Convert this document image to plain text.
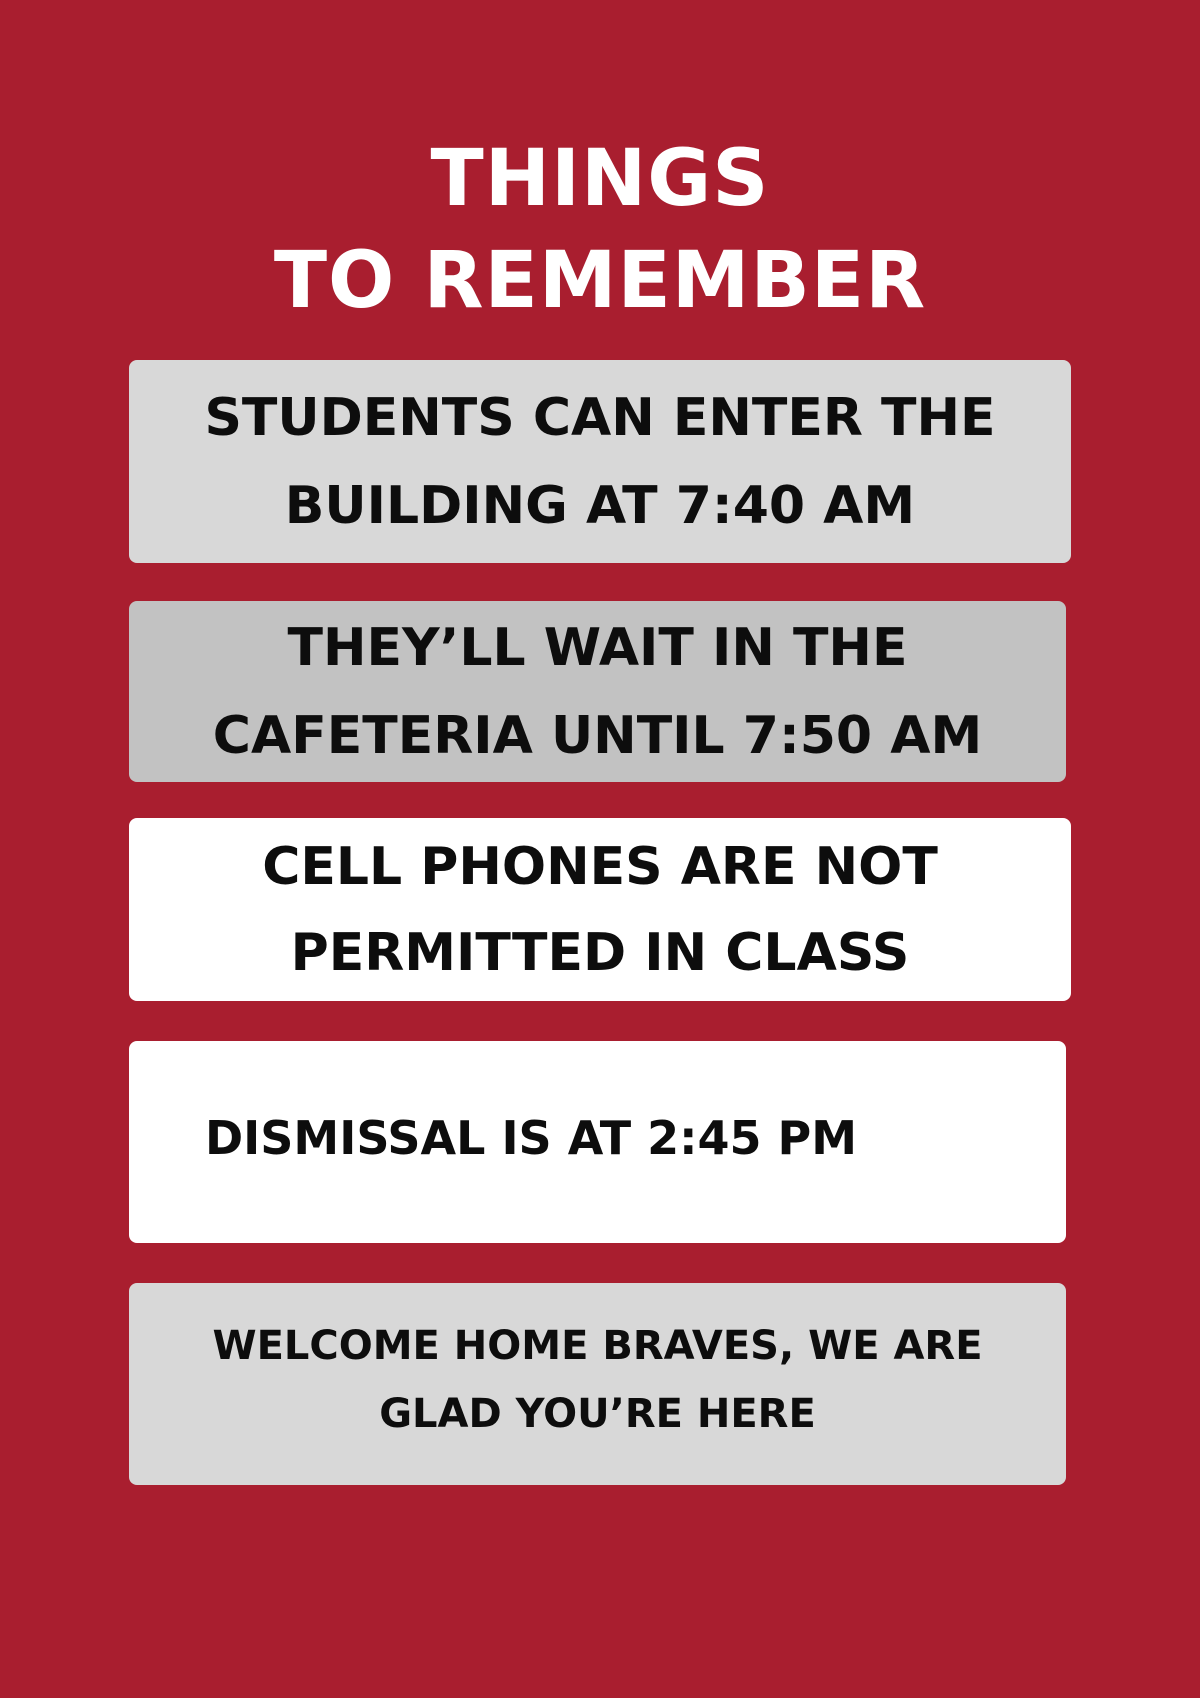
THINGS
TO REMEMBER
STUDENTS CAN ENTER THE
BUILDING AT 7:40 AM
THEY’LL WAIT IN THE
CAFETERIA UNTIL 7:50 AM
CELL PHONES ARE NOT
PERMITTED IN CLASS
DISMISSAL IS AT 2:45 PM
WELCOME HOME BRAVES, WE ARE
GLAD YOU’RE HERE
